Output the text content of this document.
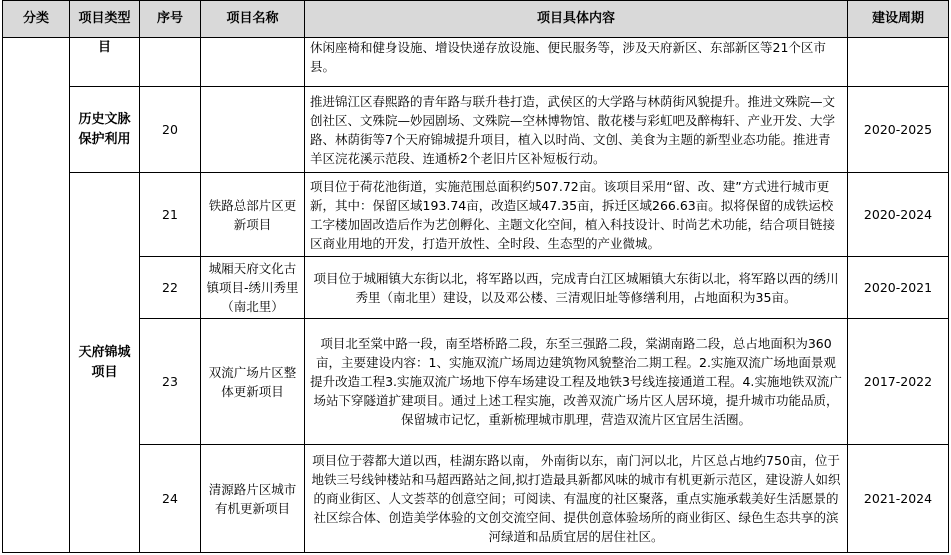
分类	项目类型	序号	项目名称	项目具体内容	建设周期
	目			休闲座椅和健身设施、增设快递存放设施、便民服务等，涉及天府新区、东部新区等21个区市县。	
	历史文脉保护利用	20		推进锦江区春熙路的青年路与联升巷打造，武侯区的大学路与林荫街风貌提升。推进文殊院—文创社区、文殊院—妙园剧场、文殊院—空林博物馆、散花楼与彩虹吧及醉梅轩、产业开发、大学路、林荫街等7个天府锦城提升项目，植入以时尚、文创、美食为主题的新型业态功能。推进青羊区浣花溪示范段、连通桥2个老旧片区补短板行动。	2020-2025
	天府锦城项目	21	铁路总部片区更新项目	项目位于荷花池街道，实施范围总面积约507.72亩。该项目采用“留、改、建”方式进行城市更新，其中：保留区域193.74亩，改造区域47.35亩，拆迁区域266.63亩。拟将保留的成铁运校工字楼加固改造后作为艺创孵化、主题文化空间，植入科技设计、时尚艺术功能，结合项目链接区商业用地的开发，打造开放性、全时段、生态型的产业微城。	2020-2024
		22	城厢天府文化古镇项目-绣川秀里（南北里）	项目位于城厢镇大东街以北，将军路以西，完成青白江区城厢镇大东街以北，将军路以西的绣川秀里（南北里）建设，以及邓公楼、三清观旧址等修缮利用，占地面积为35亩。	2020-2021
		23	双流广场片区整体更新项目	项目北至棠中路一段，南至塔桥路二段，东至三强路二段，棠湖南路二段，总占地面积为360亩，主要建设内容：1、实施双流广场周边建筑物风貌整治二期工程。2.实施双流广场地面景观提升改造工程3.实施双流广场地下停车场建设工程及地铁3号线连接通道工程。4.实施地铁双流广场站下穿隧道扩建项目。通过上述工程实施，改善双流广场片区人居环境，提升城市功能品质，保留城市记忆，重新梳理城市肌理，营造双流片区宜居生活圈。	2017-2022
		24	清源路片区城市有机更新项目	项目位于蓉都大道以西，桂湖东路以南， 外南街以东，南门河以北，片区总占地约750亩，位于地铁三号线钟楼站和马超西路站之间,拟打造最具新都风味的城市有机更新示范区，建设游人如织的商业街区、人文荟萃的创意空间；可阅读、有温度的社区聚落，重点实施承载美好生活愿景的社区综合体、创造美学体验的文创交流空间、提供创意体验场所的商业街区、绿色生态共享的滨河绿道和品质宜居的居住社区。	2021-2024
